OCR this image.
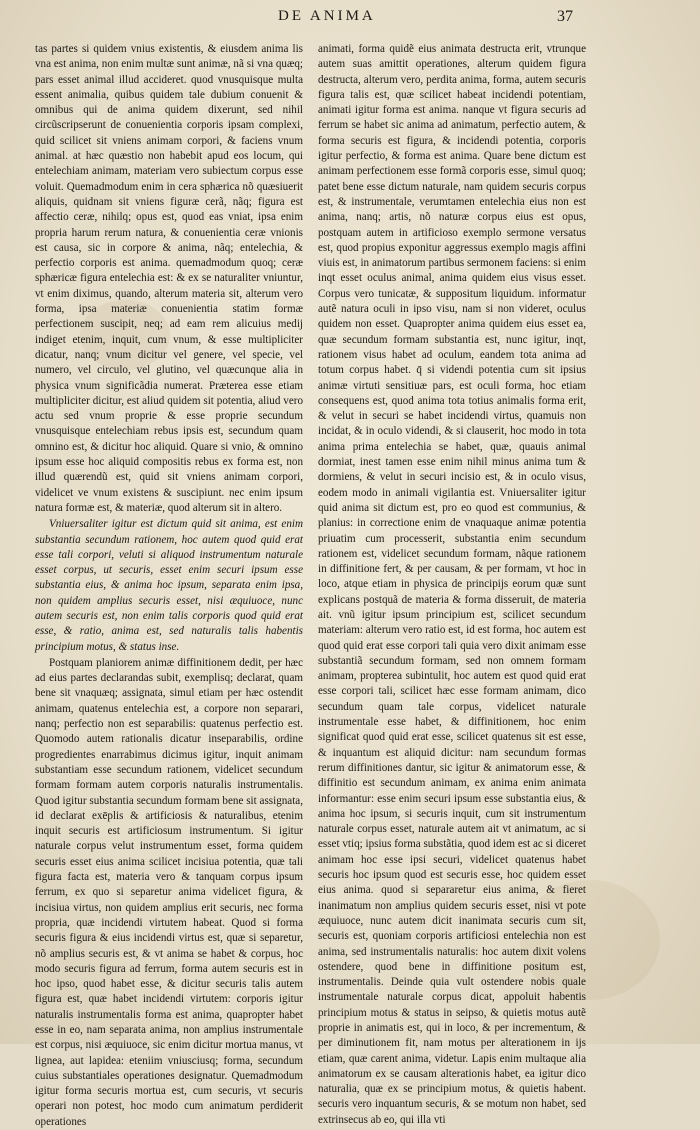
DE ANIMA	37

tas partes si quidem vnius existentis, & eiusdem anima lis vna est anima, non enim multæ sunt animæ, nã si vna quæq; pars esset animal illud accideret. quod vnusquisque multa essent animalia, quibus quidem tale dubium conuenit & omnibus qui de anima quidem dixerunt, sed nihil circũscripserunt de conuenientia corporis ipsam complexi, quid scilicet sit vniens animam corpori, & faciens vnum animal. at hæc quæstio non habebit apud eos locum, qui entelechiam animam, materiam vero subiectum corpus esse voluit. Quemadmodum enim in cera sphærica nõ quæsiuerit aliquis, quidnam sit vniens figuræ cerã, nãq; figura est affectio ceræ, nihilq; opus est, quod eas vniat, ipsa enim propria harum rerum natura, & conuenientia ceræ vnionis est causa, sic in corpore & anima, nãq; entelechia, & perfectio corporis est anima. quemadmodum quoq; ceræ sphæricæ figura entelechia est: & ex se naturaliter vniuntur, vt enim diximus, quando, alterum materia sit, alterum vero forma, ipsa materiæ conuenientia statim formæ perfectionem suscipit, neq; ad eam rem alicuius medij indiget etenim, inquit, cum vnum, & esse multipliciter dicatur, nanq; vnum dicitur vel genere, vel specie, vel numero, vel circulo, vel glutino, vel quæcunque alia in physica vnum significãdia numerat. Præterea esse etiam multipliciter dicitur, est aliud quidem sit potentia, aliud vero actu sed vnum proprie & esse proprie secundum vnusquisque entelechiam rebus ipsis est, secundum quam omnino est, & dicitur hoc aliquid. Quare si vnio, & omnino ipsum esse hoc aliquid compositis rebus ex forma est, non illud quærendũ est, quid sit vniens animam corpori, videlicet ve vnum existens & suscipiunt. nec enim ipsum natura formæ est, & materiæ, quod alterum sit in altero.

Vniuersaliter igitur est dictum quid sit anima, est enim substantia secundum rationem, hoc autem quod quid erat esse tali corpori, veluti si aliquod instrumentum naturale esset corpus, ut securis, esset enim securi ipsum esse substantia eius, & anima hoc ipsum, separata enim ipsa, non quidem amplius securis esset, nisi æquiuoce, nunc autem securis est, non enim talis corporis quod quid erat esse, & ratio, anima est, sed naturalis talis habentis principium motus, & status inse.

Postquam planiorem animæ diffinitionem dedit, per hæc ad eius partes declarandas subit, exemplisq; declarat, quam bene sit vnaquæq; assignata, simul etiam per hæc ostendit animam, quatenus entelechia est, a corpore non separari, nanq; perfectio non est separabilis: quatenus perfectio est. Quomodo autem rationalis dicatur inseparabilis, ordine progredientes enarrabimus dicimus igitur, inquit animam substantiam esse secundum rationem, videlicet secundum formam formam autem corporis naturalis instrumentalis. Quod igitur substantia secundum formam bene sit assignata, id declarat exēplis & artificiosis & naturalibus, etenim inquit securis est artificiosum instrumentum. Si igitur naturale corpus velut instrumentum esset, forma quidem securis esset eius anima scilicet incisiua potentia, quæ tali figura facta est, materia vero & tanquam corpus ipsum ferrum, ex quo si separetur anima videlicet figura, & incisiua virtus, non quidem amplius erit securis, nec forma propria, quæ incidendi virtutem habeat. Quod si forma securis figura & eius incidendi virtus est, quæ si separetur, nõ amplius securis est, & vt anima se habet & corpus, hoc modo securis figura ad ferrum, forma autem securis est in hoc ipso, quod habet esse, & dicitur securis talis autem figura est, quæ habet incidendi virtutem: corporis igitur naturalis instrumentalis forma est anima, quapropter habet esse in eo, nam separata anima, non amplius instrumentale est corpus, nisi æquiuoce, sic enim dicitur mortua manus, vt lignea, aut lapidea: eteniim vniusciusq; forma, secundum cuius substantiales operationes designatur. Quemadmodum igitur forma securis mortua est, cum securis, vt securis operari non potest, hoc modo cum animatum perdiderit operationes

animati, forma quidẽ eius animata destructa erit, vtrunque autem suas amittit operationes, alterum quidem figura destructa, alterum vero, perdita anima, forma, autem securis figura talis est, quæ scilicet habeat incidendi potentiam, animati igitur forma est anima. nanque vt figura securis ad ferrum se habet sic anima ad animatum, perfectio autem, & forma securis est figura, & incidendi potentia, corporis igitur perfectio, & forma est anima. Quare bene dictum est animam perfectionem esse formã corporis esse, simul quoq; patet bene esse dictum naturale, nam quidem securis corpus est, & instrumentale, verumtamen entelechia eius non est anima, nanq; artis, nõ naturæ corpus eius est opus, postquam autem in artificioso exemplo sermone versatus est, quod propius exponitur aggressus exemplo magis affini viuis est, in animatorum partibus sermonem faciens: si enim inqt esset oculus animal, anima quidem eius visus esset. Corpus vero tunicatæ, & suppositum liquidum. informatur autẽ natura oculi in ipso visu, nam si non videret, oculus quidem non esset. Quapropter anima quidem eius esset ea, quæ secundum formam substantia est, nunc igitur, inqt, rationem visus habet ad oculum, eandem tota anima ad totum corpus habet. q̄ si videndi potentia cum sit ipsius animæ virtuti sensitiuæ pars, est oculi forma, hoc etiam consequens est, quod anima tota totius animalis forma erit, & velut in securi se habet incidendi virtus, quamuis non incidat, & in oculo videndi, & si clauserit, hoc modo in tota anima prima entelechia se habet, quæ, quauis animal dormiat, inest tamen esse enim nihil minus anima tum & dormiens, & velut in securi incisio est, & in oculo visus, eodem modo in animali vigilantia est. Vniuersaliter igitur quid anima sit dictum est, pro eo quod est communius, & planius: in correctione enim de vnaquaque animæ potentia priuatim cum processerit, substantia enim secundum rationem est, videlicet secundum formam, nãque rationem in diffinitione fert, & per causam, & per formam, vt hoc in loco, atque etiam in physica de principijs eorum quæ sunt explicans postquã de materia & forma disseruit, de materia ait. vnũ igitur ipsum principium est, scilicet secundum materiam: alterum vero ratio est, id est forma, hoc autem est quod quid erat esse corpori tali quia vero dixit animam esse substantiã secundum formam, sed non omnem formam animam, propterea subintulit, hoc autem est quod quid erat esse corpori tali, scilicet hæc esse formam animam, dico secundum quam tale corpus, videlicet naturale instrumentale esse habet, & diffinitionem, hoc enim significat quod quid erat esse, scilicet quatenus sit est esse, & inquantum est aliquid dicitur: nam secundum formas rerum diffinitiones dantur, sic igitur & animatorum esse, & diffinitio est secundum animam, ex anima enim animata informantur: esse enim securi ipsum esse substantia eius, & anima hoc ipsum, si securis inquit, cum sit instrumentum naturale corpus esset, naturale autem ait vt animatum, ac si esset vtiq; ipsius forma substãtia, quod idem est ac si diceret animam hoc esse ipsi securi, videlicet quatenus habet securis hoc ipsum quod est securis esse, hoc quidem esset eius anima. quod si separaretur eius anima, & fieret inanimatum non amplius quidem securis esset, nisi vt pote æquiuoce, nunc autem dicit inanimata securis cum sit, securis est, quoniam corporis artificiosi entelechia non est anima, sed instrumentalis naturalis: hoc autem dixit volens ostendere, quod bene in diffinitione positum est, instrumentalis. Deinde quia vult ostendere nobis quale instrumentale naturale corpus dicat, appoluit habentis principium motus & status in seipso, & quietis motus autẽ proprie in animatis est, qui in loco, & per incrementum, & per diminutionem fit, nam motus per alterationem in ijs etiam, quæ carent anima, videtur. Lapis enim multaque alia animatorum ex se causam alterationis habet, ea igitur dico naturalia, quæ ex se principium motus, & quietis habent. securis vero inquantum securis, & se motum non habet, sed extrinsecus ab eo, qui illa vti
